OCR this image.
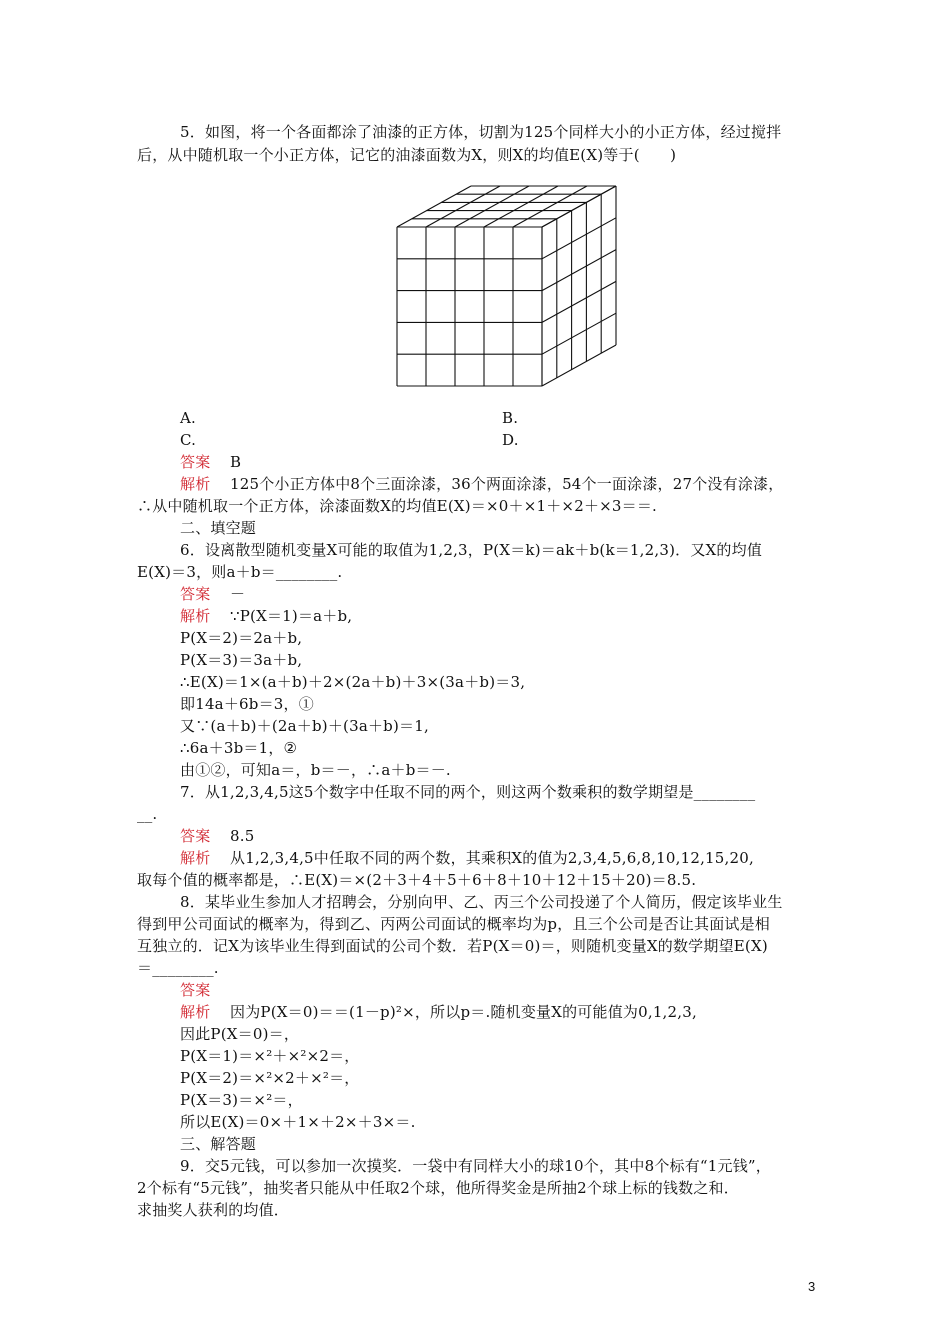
5．如图，将一个各面都涂了油漆的正方体，切割为125个同样大小的小正方体，经过搅拌
后，从中随机取一个小正方体，记它的油漆面数为X，则X的均值E(X)等于(　　)
A.	B.
C.	D.
答案 B
解析 125个小正方体中8个三面涂漆，36个两面涂漆，54个一面涂漆，27个没有涂漆，
∴从中随机取一个正方体，涂漆面数X的均值E(X)＝×0＋×1＋×2＋×3＝＝.
二、填空题
6．设离散型随机变量X可能的取值为1,2,3，P(X＝k)＝ak＋b(k＝1,2,3)．又X的均值
E(X)＝3，则a＋b＝________.
答案 －
解析 ∵P(X＝1)＝a＋b,
P(X＝2)＝2a＋b,
P(X＝3)＝3a＋b,
∴E(X)＝1×(a＋b)＋2×(2a＋b)＋3×(3a＋b)＝3,
即14a＋6b＝3，①
又∵(a＋b)＋(2a＋b)＋(3a＋b)＝1,
∴6a＋3b＝1，②
由①②，可知a＝，b＝－，∴a＋b＝－.
7．从1,2,3,4,5这5个数字中任取不同的两个，则这两个数乘积的数学期望是________
__.
答案 8.5
解析 从1,2,3,4,5中任取不同的两个数，其乘积X的值为2,3,4,5,6,8,10,12,15,20,
取每个值的概率都是，∴E(X)＝×(2＋3＋4＋5＋6＋8＋10＋12＋15＋20)＝8.5.
8．某毕业生参加人才招聘会，分别向甲、乙、丙三个公司投递了个人简历，假定该毕业生
得到甲公司面试的概率为，得到乙、丙两公司面试的概率均为p，且三个公司是否让其面试是相
互独立的．记X为该毕业生得到面试的公司个数．若P(X＝0)＝，则随机变量X的数学期望E(X)
＝________.
答案
解析 因为P(X＝0)＝＝(1－p)²×，所以p＝.随机变量X的可能值为0,1,2,3,
因此P(X＝0)＝，
P(X＝1)＝×²＋×²×2＝，
P(X＝2)＝×²×2＋×²＝，
P(X＝3)＝×²＝，
所以E(X)＝0×＋1×＋2×＋3×＝.
三、解答题
9．交5元钱，可以参加一次摸奖．一袋中有同样大小的球10个，其中8个标有“1元钱”，
2个标有“5元钱”，抽奖者只能从中任取2个球，他所得奖金是所抽2个球上标的钱数之和．
求抽奖人获利的均值．
3
